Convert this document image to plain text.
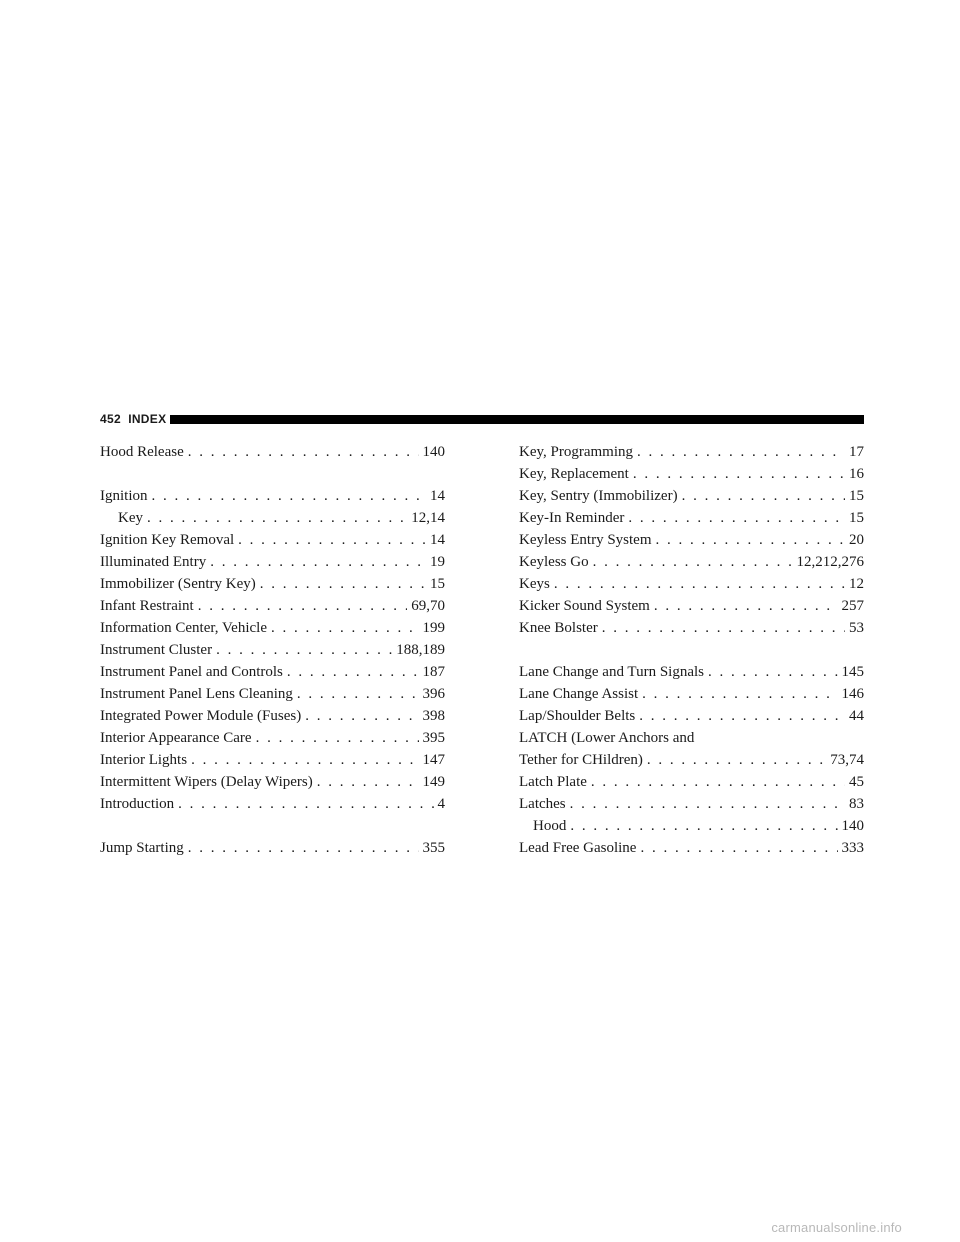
452
INDEX
Hood Release . . .	140
Ignition . . .	14
Key . . .	12,14
Ignition Key Removal . . .	14
Illuminated Entry . . .	19
Immobilizer (Sentry Key) . . .	15
Infant Restraint . . .	69,70
Information Center, Vehicle . . .	199
Instrument Cluster . . .	188,189
Instrument Panel and Controls . . .	187
Instrument Panel Lens Cleaning . . .	396
Integrated Power Module (Fuses) . . .	398
Interior Appearance Care . . .	395
Interior Lights . . .	147
Intermittent Wipers (Delay Wipers) . . .	149
Introduction . . .	4
Jump Starting . . .	355
Key, Programming . . .	17
Key, Replacement . . .	16
Key, Sentry (Immobilizer) . . .	15
Key-In Reminder . . .	15
Keyless Entry System . . .	20
Keyless Go . . .	12,212,276
Keys . . .	12
Kicker Sound System . . .	257
Knee Bolster . . .	53
Lane Change and Turn Signals . . .	145
Lane Change Assist . . .	146
Lap/Shoulder Belts . . .	44
LATCH (Lower Anchors and
Tether for CHildren) . . .	73,74
Latch Plate . . .	45
Latches . . .	83
Hood . . .	140
Lead Free Gasoline . . .	333
carmanualsonline.info
